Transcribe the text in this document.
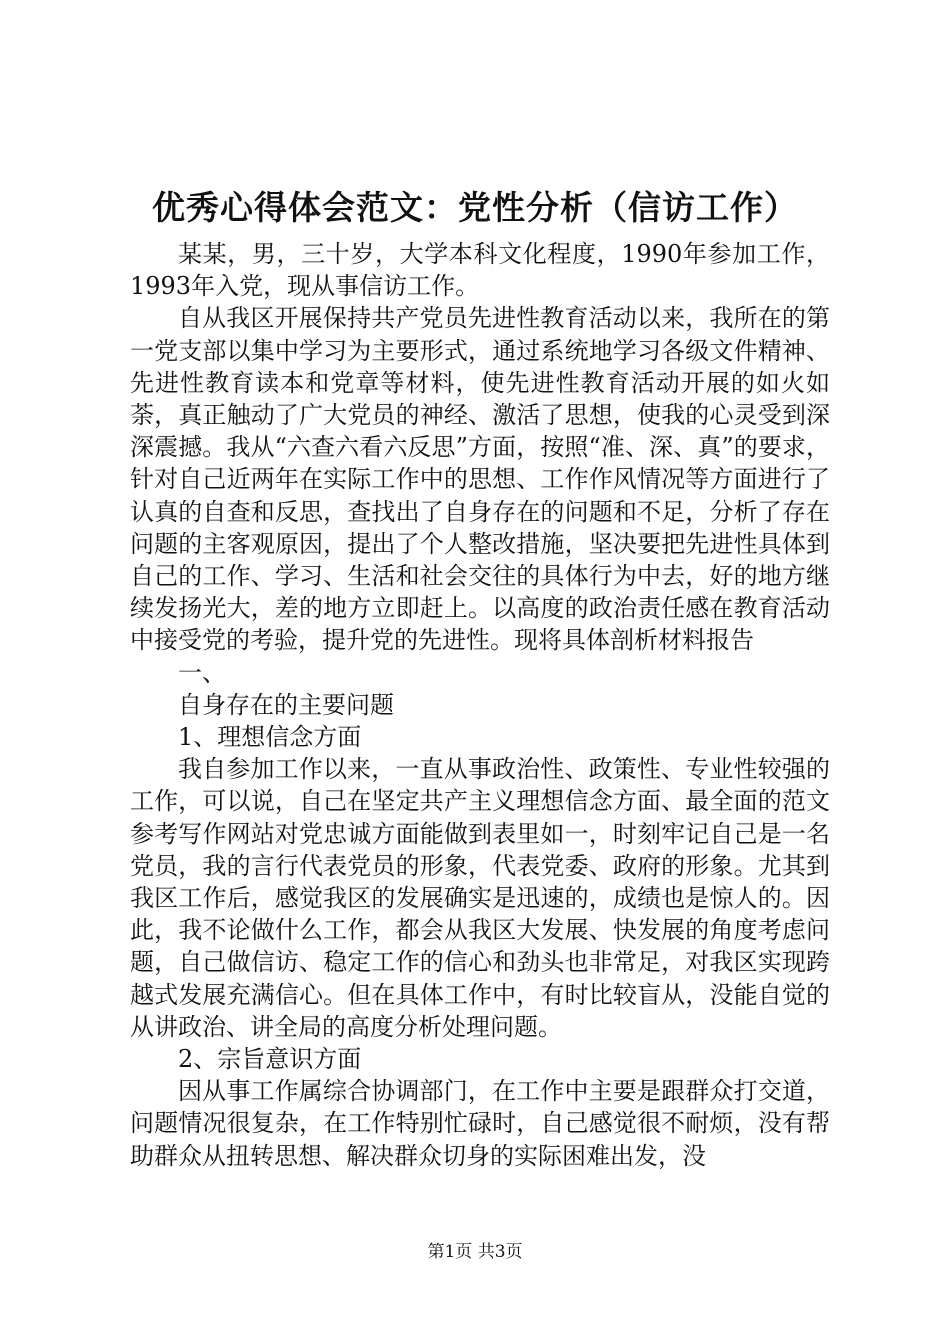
优秀心得体会范文：党性分析（信访工作）

某某，男，三十岁，大学本科文化程度，1990年参加工作，1993年入党，现从事信访工作。

自从我区开展保持共产党员先进性教育活动以来，我所在的第一党支部以集中学习为主要形式，通过系统地学习各级文件精神、先进性教育读本和党章等材料，使先进性教育活动开展的如火如荼，真正触动了广大党员的神经、激活了思想，使我的心灵受到深深震撼。我从“六查六看六反思”方面，按照“准、深、真”的要求，针对自己近两年在实际工作中的思想、工作作风情况等方面进行了认真的自查和反思，查找出了自身存在的问题和不足，分析了存在问题的主客观原因，提出了个人整改措施，坚决要把先进性具体到自己的工作、学习、生活和社会交往的具体行为中去，好的地方继续发扬光大，差的地方立即赶上。以高度的政治责任感在教育活动中接受党的考验，提升党的先进性。现将具体剖析材料报告

一、

自身存在的主要问题

1、理想信念方面

我自参加工作以来，一直从事政治性、政策性、专业性较强的工作，可以说，自己在坚定共产主义理想信念方面、最全面的范文参考写作网站对党忠诚方面能做到表里如一，时刻牢记自己是一名党员，我的言行代表党员的形象，代表党委、政府的形象。尤其到我区工作后，感觉我区的发展确实是迅速的，成绩也是惊人的。因此，我不论做什么工作，都会从我区大发展、快发展的角度考虑问题，自己做信访、稳定工作的信心和劲头也非常足，对我区实现跨越式发展充满信心。但在具体工作中，有时比较盲从，没能自觉的从讲政治、讲全局的高度分析处理问题。

2、宗旨意识方面

因从事工作属综合协调部门，在工作中主要是跟群众打交道，问题情况很复杂，在工作特别忙碌时，自己感觉很不耐烦，没有帮助群众从扭转思想、解决群众切身的实际困难出发，没

第1页 共3页
